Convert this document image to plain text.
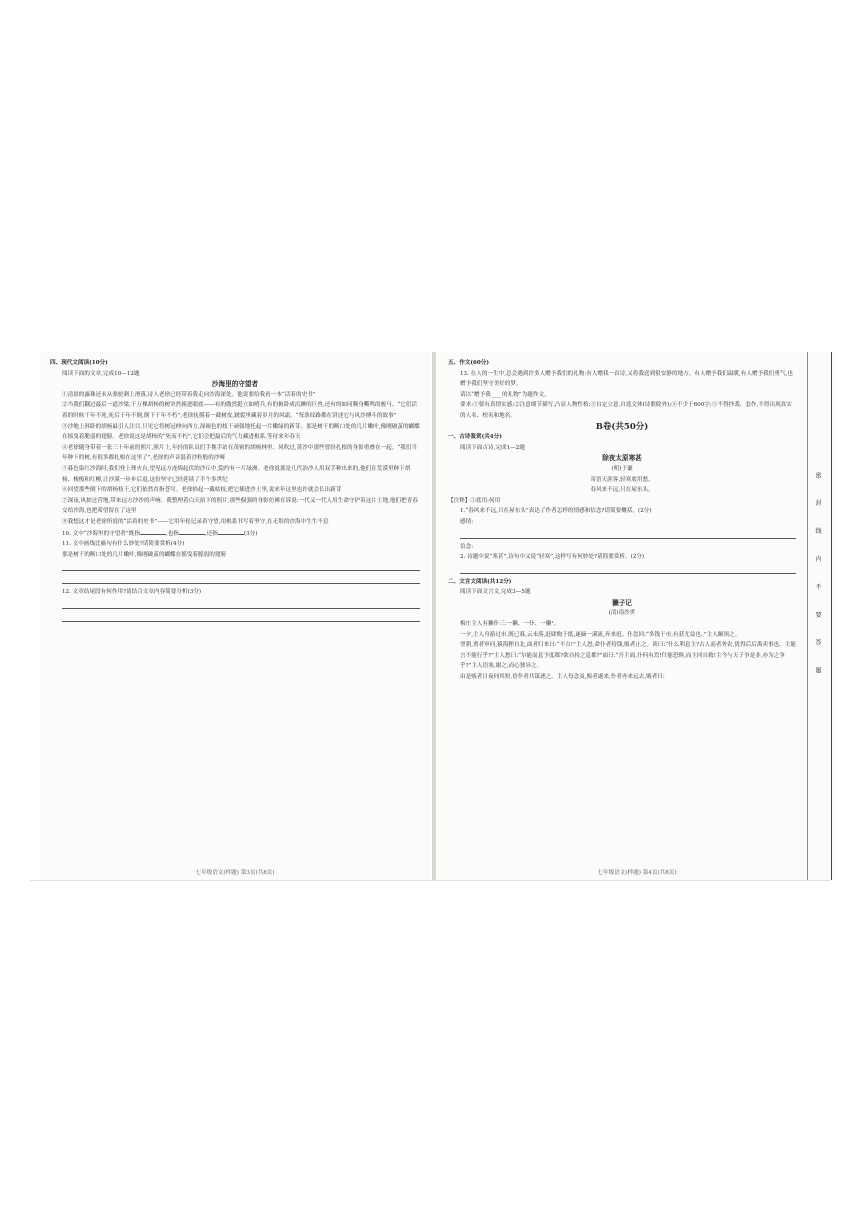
四、现代文阅读(10分)

阅读下面的文章,完成10—12题

沙海里的守望者

①清晨的露珠还未从骆驼刺上滑落,诗人老徐已经带着我走向沙海深处。他说要给我看一本“活着的史书”

②当我们翻过最后一道沙梁,千万棵胡杨的树突然撞进眼底——有的傲然挺立如哨兵,有的俯卧成沉睡的巨兽,还有的如同腾身嘶鸣的骏马。“它们活着的时候千年不死,死后千年不倒,倒下千年不朽”,老徐抚摸着一截树皮,皲裂里藏着岁月的风霜。“每条纹路都在讲述它与风沙搏斗的故事”

③沙地上斜卧的胡杨最引人注目,只见它将树冠伸向西方,深褐色的枝干顽强地托起一片嫩绿的新芽。那是树干的断口处的几片嫩叶,像刚破茧的蝴蝶在摇曳着脆弱的翅膀。老徐说这是胡杨的“死而不朽”,它们会把最后的气力藏进根系,等待来年春天

④老徐随身带着一张三十年前的照片,照片上,年轻的队员们手挽手站在茂密的胡杨林里。风吹过,黄沙中那些曾经扎根的身影重叠在一起。“我们当年种下的树,有很多都扎根在这里了”,老徐的声音混着沙粒般的沙哑

⑤暮色染红沙海时,我们登上烽火台,望见远方连绵起伏的沙丘中,隐约有一片绿洲。老徐说那是几代治沙人用双手种出来的,他们在荒漠里种下胡杨、梭梭和红柳,让沙漠一步步后退,这份坚守已经延续了半个多世纪

⑥回望那些倒下的胡杨枝干,它们依然直指苍穹。老徐拾起一截枯枝,把它插进沙土里,说来年这里也许就会长出新芽

⑦深夜,风掠过营地,带来远方沙沙的声响。我整理着白天拍下的照片,那些倔强的身影仿佛在诉说:一代又一代人用生命守护着这片土地,他们把青春交给沙海,也把希望留在了这里

⑧我想这才是老徐所说的“活着的史书”——它用年轮记录着守望,用根系书写着坚守,在无垠的沙海中生生不息

10. 文中“沙海里的守望者”既指	,也指	,还指	(3分)

11. 文中画线比喻句有什么妙处?请简要赏析(4分)

那是树干的断口处的几片嫩叶,像刚破茧的蝴蝶在摇曳着脆弱的翅膀

12. 文章结尾段有何作用?请结合文章内容简要分析(3分)

七年级语文(样题) 第3页(共8页)

五、作文(60分)

13. 在人的一生中,总会遇到许多人赠予我们的礼物:有人赠我一首诗,又将我送到很安静的地方。有人赠予我们温暖,有人赠予我们勇气,也赠予我们坚守美好的梦。

请以“赠予我____的礼物”为题作文。

要求:①要有真情实感;②注意细节描写,凸显人物性格;③自定立意,自选文体(诗歌除外);④不少于600字;⑤不得抄袭、套作,不得出现真实的人名、校名和地名。

B卷(共50分)

一、古诗鉴赏(共4分)

阅读下面古诗,完成1—2题

除夜太原寒甚

(明)于谦

寄语天涯客,轻寒底用愁。

春风来不远,只在屋东头。

【注释】①底用:何用

1.“春风来不远,只在屋东头”表达了作者怎样的情感和信念?请简要概括。(2分)

感情:

信念:

2. 诗题中说“寒甚”,诗句中又说“轻寒”,这样写有何妙处?请简要赏析。(2分)

二、文言文阅读(共12分)

阅读下面文言文,完成3—5题

獭子记

(清)南沙世

梅庄主人有獭仆三:一獭、一仆、一獭¹。

一夕,主人舟游过市,既已暮,云未落,赶肆购于纸,遂摘一溪流,弃来庭。仆忽回:“多钱于市,有获尤益也。”主人颐领之。

翌朝,贾者审问,猿海狸自北,面者归来曰:“不吉!”主人怒,命仆者持钱,贩者止之。谈曰:“什么利息主?古人而者务农,犹得后后禹卖事也。主能言不能行乎?”主人愁曰:“尔能而息予度都?欲自持之息都?”面曰:“吾主面,仆何有焉!什能恐惧,而主回自救!主今与天子争是非,亦为之争乎?”主人语塞,谢之,而心独异之。

由是贩者日夜伺其短,语仆者共谋逐之。主人每念及,贩者遂来,仆者亦来远去,贩者曰:	密 封 线 内 不 要 答 题
七年级语文(样题) 第4页(共8页)
